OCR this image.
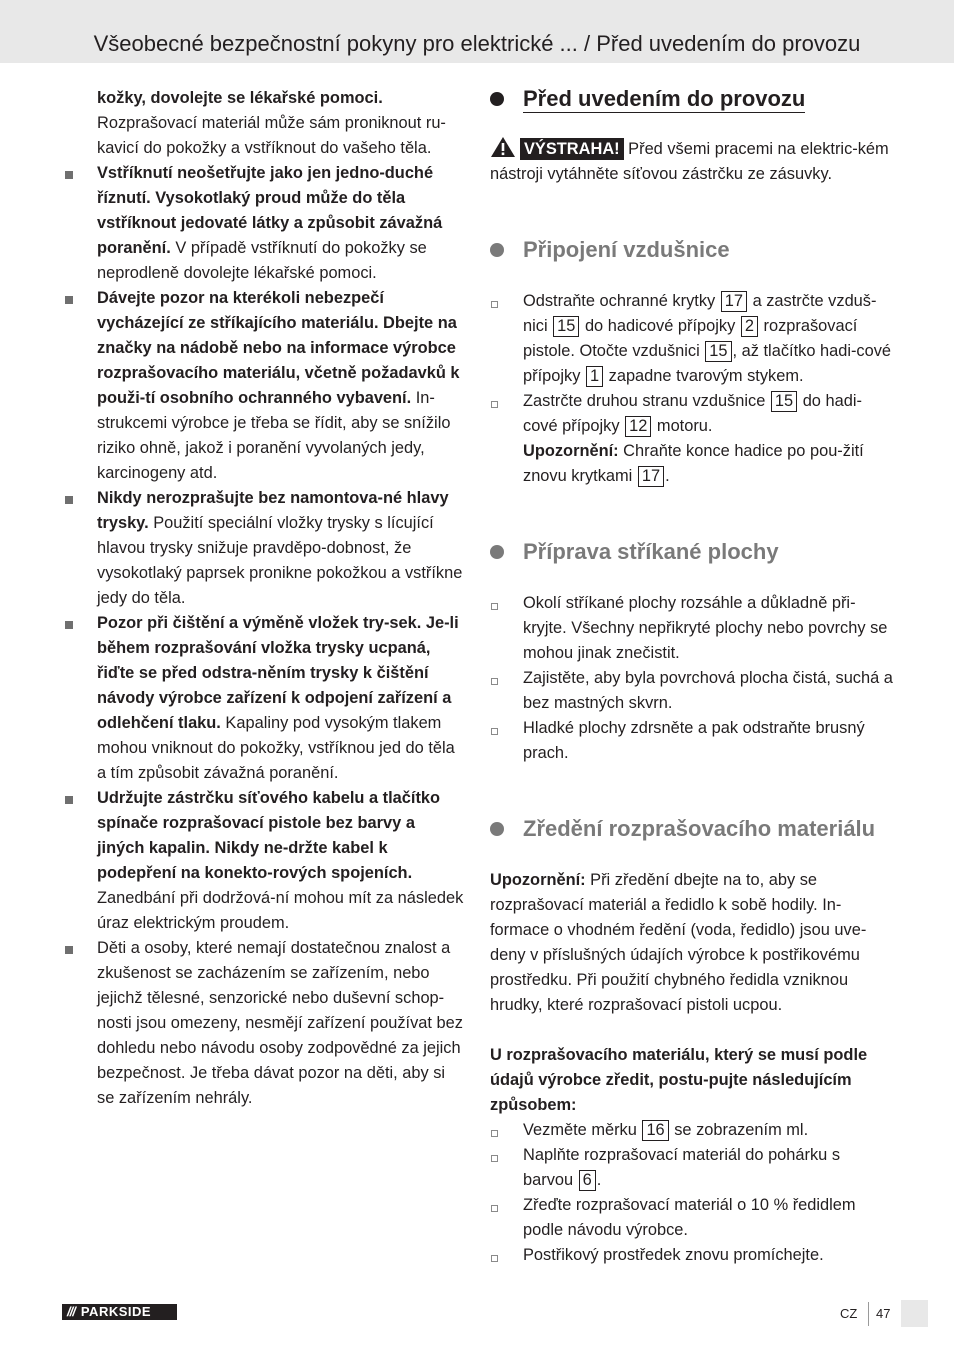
Všeobecné bezpečnostní pokyny pro elektrické ... / Před uvedením do provozu
kožky, dovolejte se lékařské pomoci.
Rozprašovací materiál může sám proniknout ru-kavicí do pokožky a vstříknout do vašeho těla.
Vstříknutí neošetřujte jako jen jedno-duché říznutí. Vysokotlaký proud může do těla vstříknout jedovaté látky a způsobit závažná poranění. V případě vstříknutí do pokožky se neprodleně dovolejte lékařské pomoci.
Dávejte pozor na kterékoli nebezpečí vycházející ze stříkajícího materiálu. Dbejte na značky na nádobě nebo na informace výrobce rozprašovacího materiálu, včetně požadavků k použi-tí osobního ochranného vybavení. In-strukcemi výrobce je třeba se řídit, aby se snížilo riziko ohně, jakož i poranění vyvolaných jedy, karcinogeny atd.
Nikdy nerozprašujte bez namontova-né hlavy trysky. Použití speciální vložky trysky s lícující hlavou trysky snižuje pravděpo-dobnost, že vysokotlaký paprsek pronikne pokožkou a vstříkne jedy do těla.
Pozor při čištění a výměně vložek try-sek. Je-li během rozprašování vložka trysky ucpaná, řiďte se před odstra-něním trysky k čištění návody výrobce zařízení k odpojení zařízení a odlehčení tlaku. Kapaliny pod vysokým tlakem mohou vniknout do pokožky, vstříknou jed do těla a tím způsobit závažná poranění.
Udržujte zástrčku síťového kabelu a tlačítko spínače rozprašovací pistole bez barvy a jiných kapalin. Nikdy ne-držte kabel k podepření na konekto-rových spojeních. Zanedbání při dodržová-ní mohou mít za následek úraz elektrickým proudem.
Děti a osoby, které nemají dostatečnou znalost a zkušenost se zacházením se zařízením, nebo jejichž tělesné, senzorické nebo duševní schop-nosti jsou omezeny, nesmějí zařízení používat bez dohledu nebo návodu osoby zodpovědné za jejich bezpečnost. Je třeba dávat pozor na děti, aby si se zařízením nehrály.
Před uvedením do provozu
VÝSTRAHA! Před všemi pracemi na elektric-kém nástroji vytáhněte síťovou zástrčku ze zásuvky.
Připojení vzdušnice
Odstraňte ochranné krytky 17 a zastrčte vzduš-nici 15 do hadicové přípojky 2 rozprašovací pistole. Otočte vzdušnici 15 , až tlačítko hadi-cové přípojky 1 zapadne tvarovým stykem.
Zastrčte druhou stranu vzdušnice 15 do hadi-cové přípojky 12 motoru.
Upozornění: Chraňte konce hadice po pou-žití znovu krytkami 17 .
Příprava stříkané plochy
Okolí stříkané plochy rozsáhle a důkladně při-kryjte. Všechny nepřikryté plochy nebo povrchy se mohou jinak znečistit.
Zajistěte, aby byla povrchová plocha čistá, suchá a bez mastných skvrn.
Hladké plochy zdrsněte a pak odstraňte brusný prach.
Zředění rozprašovacího materiálu
Upozornění: Při zředění dbejte na to, aby se rozprašovací materiál a ředidlo k sobě hodily. In-formace o vhodném ředění (voda, ředidlo) jsou uve-deny v příslušných údajích výrobce k postřikovému prostředku. Při použití chybného ředidla vzniknou hrudky, které rozprašovací pistoli ucpou.
U rozprašovacího materiálu, který se musí podle údajů výrobce zředit, postu-pujte následujícím způsobem:
Vezměte měrku 16 se zobrazením ml.
Naplňte rozprašovací materiál do pohárku s barvou 6 .
Zřeďte rozprašovací materiál o 10 % ředidlem podle návodu výrobce.
Postřikový prostředek znovu promíchejte.
/// PARKSIDE	CZ 47
